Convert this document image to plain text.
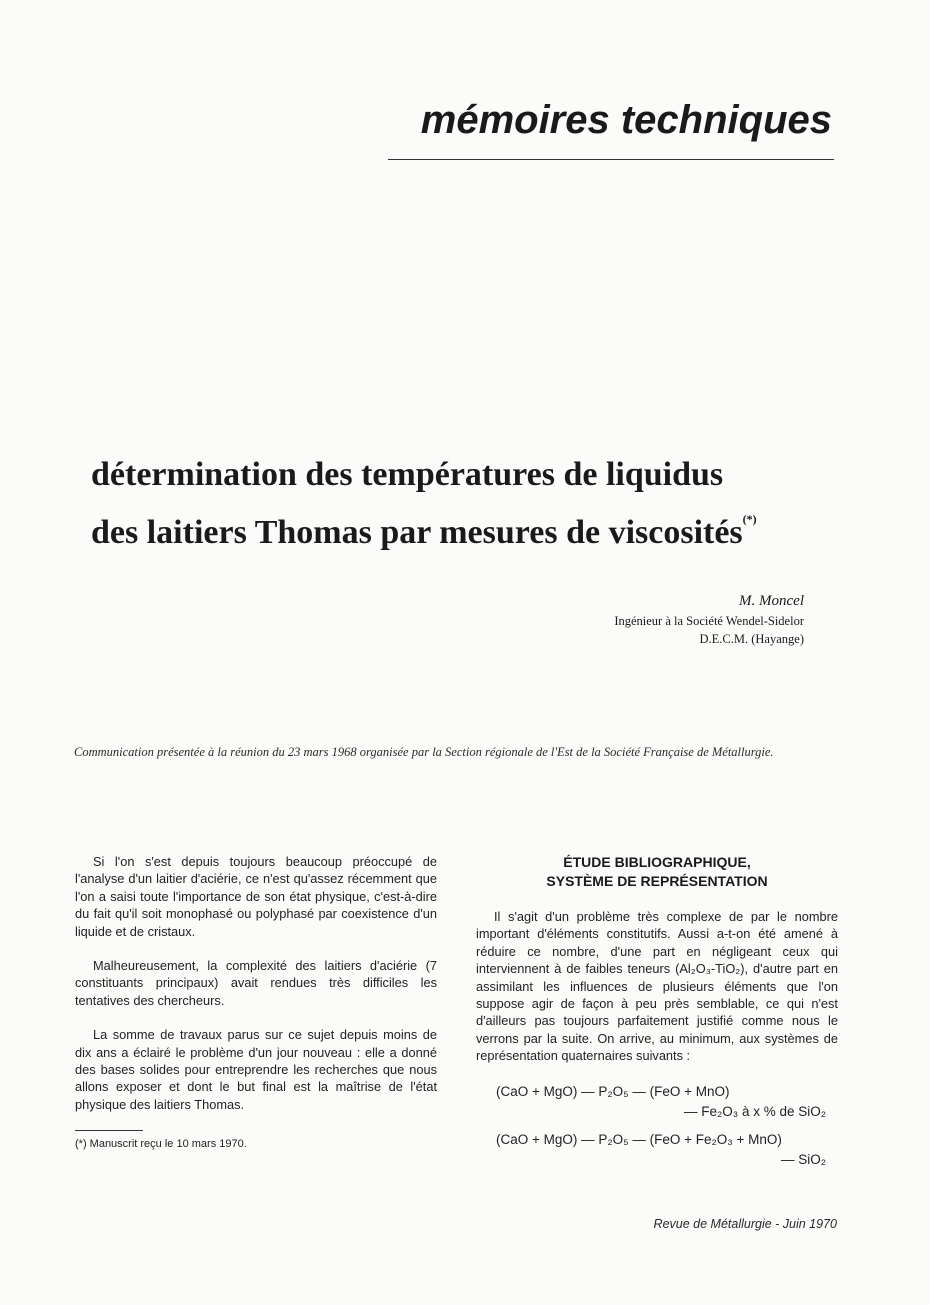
mémoires techniques
détermination des températures de liquidus
des laitiers Thomas par mesures de viscosités(*)
M. Moncel
Ingénieur à la Société Wendel-Sidelor
D.E.C.M. (Hayange)

Communication présentée à la réunion du 23 mars 1968 organisée par la Section régionale de l'Est de la Société Française de Métallurgie.

Si l'on s'est depuis toujours beaucoup préoccupé de l'analyse d'un laitier d'aciérie, ce n'est qu'assez récemment que l'on a saisi toute l'importance de son état physique, c'est-à-dire du fait qu'il soit monophasé ou polyphasé par coexistence d'un liquide et de cristaux.

Malheureusement, la complexité des laitiers d'aciérie (7 constituants principaux) avait rendues très difficiles les tentatives des chercheurs.

La somme de travaux parus sur ce sujet depuis moins de dix ans a éclairé le problème d'un jour nouveau : elle a donné des bases solides pour entreprendre les recherches que nous allons exposer et dont le but final est la maîtrise de l'état physique des laitiers Thomas.

(*) Manuscrit reçu le 10 mars 1970.

ÉTUDE BIBLIOGRAPHIQUE,
SYSTÈME DE REPRÉSENTATION

Il s'agit d'un problème très complexe de par le nombre important d'éléments constitutifs. Aussi a-t-on été amené à réduire ce nombre, d'une part en négligeant ceux qui interviennent à de faibles teneurs (Al₂O₃-TiO₂), d'autre part en assimilant les influences de plusieurs éléments que l'on suppose agir de façon à peu près semblable, ce qui n'est d'ailleurs pas toujours parfaitement justifié comme nous le verrons par la suite. On arrive, au minimum, aux systèmes de représentation quaternaires suivants :

(CaO + MgO) — P₂O₅ — (FeO + MnO)
— Fe₂O₃ à x % de SiO₂
(CaO + MgO) — P₂O₅ — (FeO + Fe₂O₃ + MnO)
— SiO₂
Revue de Métallurgie - Juin 1970
